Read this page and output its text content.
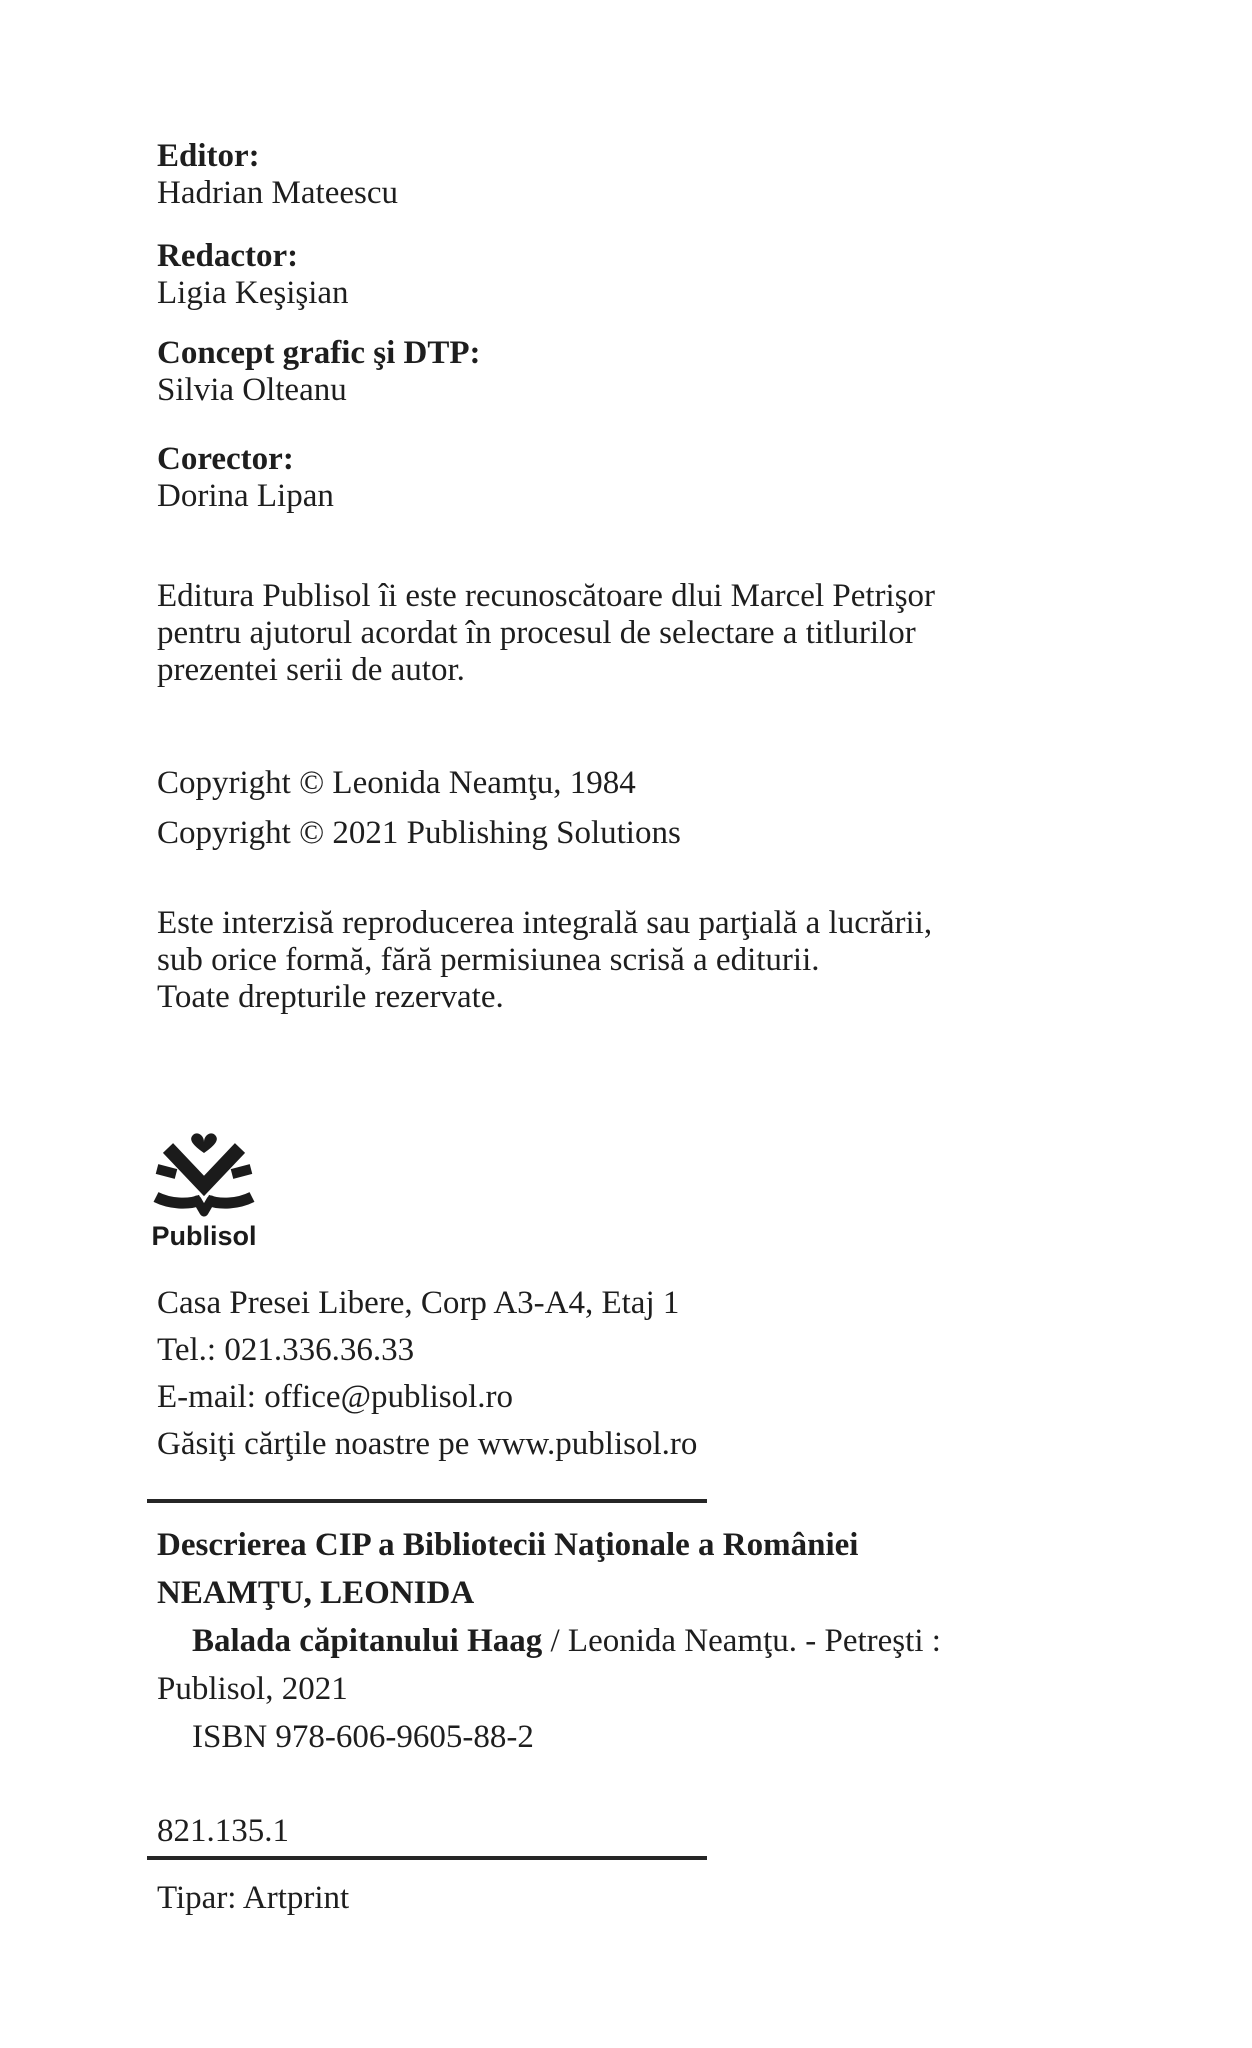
Editor:
Hadrian Mateescu
Redactor:
Ligia Keşişian
Concept grafic şi DTP:
Silvia Olteanu
Corector:
Dorina Lipan
Editura Publisol îi este recunoscătoare dlui Marcel Petrişor
pentru ajutorul acordat în procesul de selectare a titlurilor
prezentei serii de autor.
Copyright © Leonida Neamţu, 1984
Copyright © 2021 Publishing Solutions
Este interzisă reproducerea integrală sau parţială a lucrării,
sub orice formă, fără permisiunea scrisă a editurii.
Toate drepturile rezervate.
Publisol
Casa Presei Libere, Corp A3-A4, Etaj 1
Tel.: 021.336.36.33
E-mail: office@publisol.ro
Găsiţi cărţile noastre pe www.publisol.ro
Descrierea CIP a Bibliotecii Naţionale a României
NEAMŢU, LEONIDA
Balada căpitanului Haag / Leonida Neamţu. - Petreşti :
Publisol, 2021
ISBN 978-606-9605-88-2
821.135.1
Tipar: Artprint
